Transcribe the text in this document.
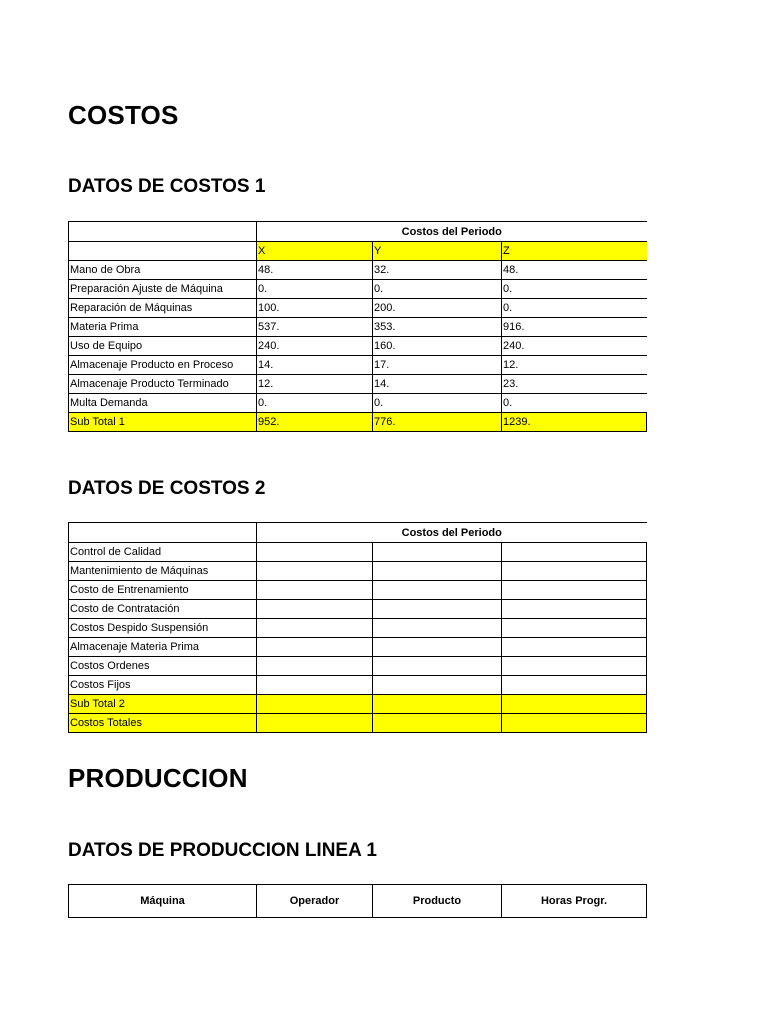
COSTOS
DATOS DE COSTOS 1
	Costos del Periodo		
	X	Y	Z
Mano de Obra	48.	32.	48.
Preparación Ajuste de Máquina	0.	0.	0.
Reparación de Máquinas	100.	200.	0.
Materia Prima	537.	353.	916.
Uso de Equipo	240.	160.	240.
Almacenaje Producto en Proceso	14.	17.	12.
Almacenaje Producto Terminado	12.	14.	23.
Multa Demanda	0.	0.	0.
Sub Total 1	952.	776.	1239.
DATOS DE COSTOS 2
	Costos del Periodo		
Control de Calidad			
Mantenimiento de Máquinas			
Costo de Entrenamiento			
Costo de Contratación			
Costos Despido Suspensión			
Almacenaje Materia Prima			
Costos Ordenes			
Costos Fijos			
Sub Total 2			
Costos Totales			
PRODUCCION
DATOS DE PRODUCCION LINEA 1
Máquina	Operador	Producto	Horas Progr.
